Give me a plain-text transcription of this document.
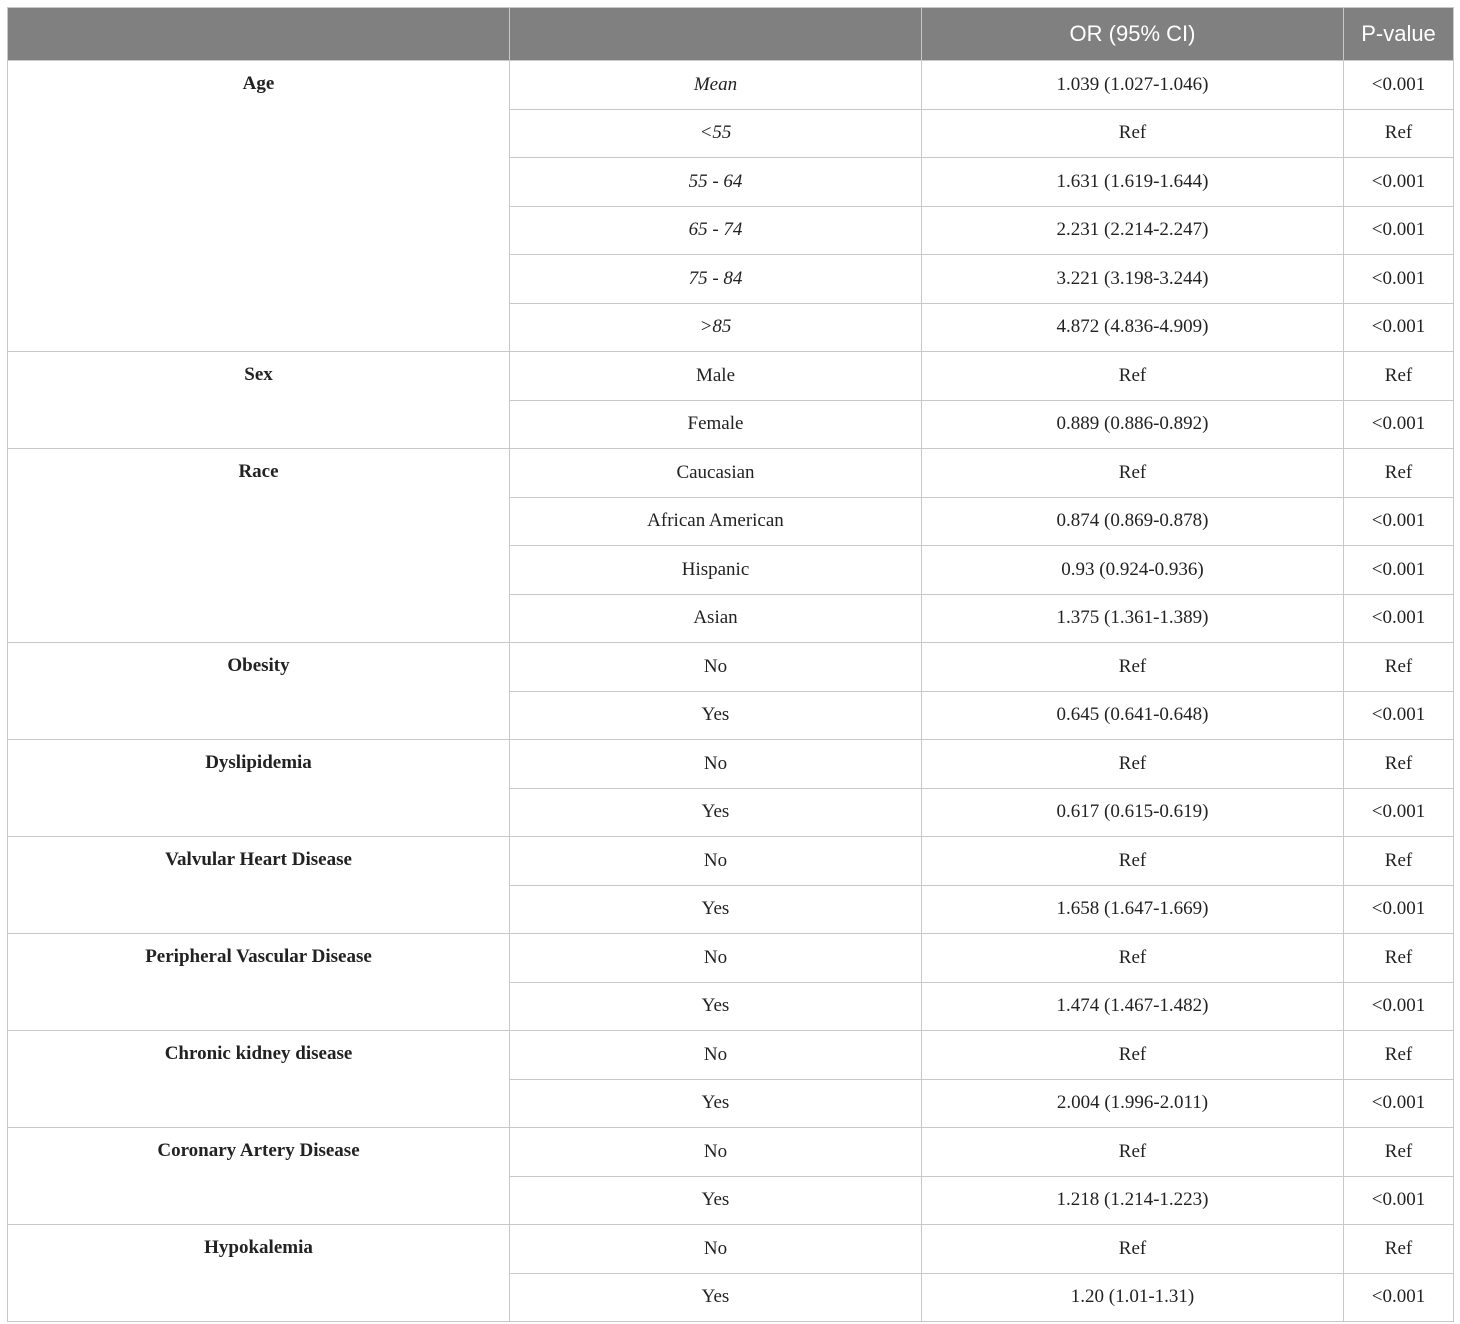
		OR (95% CI)	P-value
Age	Mean	1.039 (1.027-1.046)	<0.001
	<55	Ref	Ref
	55 - 64	1.631 (1.619-1.644)	<0.001
	65 - 74	2.231 (2.214-2.247)	<0.001
	75 - 84	3.221 (3.198-3.244)	<0.001
	>85	4.872 (4.836-4.909)	<0.001
Sex	Male	Ref	Ref
	Female	0.889 (0.886-0.892)	<0.001
Race	Caucasian	Ref	Ref
	African American	0.874 (0.869-0.878)	<0.001
	Hispanic	0.93 (0.924-0.936)	<0.001
	Asian	1.375 (1.361-1.389)	<0.001
Obesity	No	Ref	Ref
	Yes	0.645 (0.641-0.648)	<0.001
Dyslipidemia	No	Ref	Ref
	Yes	0.617 (0.615-0.619)	<0.001
Valvular Heart Disease	No	Ref	Ref
	Yes	1.658 (1.647-1.669)	<0.001
Peripheral Vascular Disease	No	Ref	Ref
	Yes	1.474 (1.467-1.482)	<0.001
Chronic kidney disease	No	Ref	Ref
	Yes	2.004 (1.996-2.011)	<0.001
Coronary Artery Disease	No	Ref	Ref
	Yes	1.218 (1.214-1.223)	<0.001
Hypokalemia	No	Ref	Ref
	Yes	1.20 (1.01-1.31)	<0.001
